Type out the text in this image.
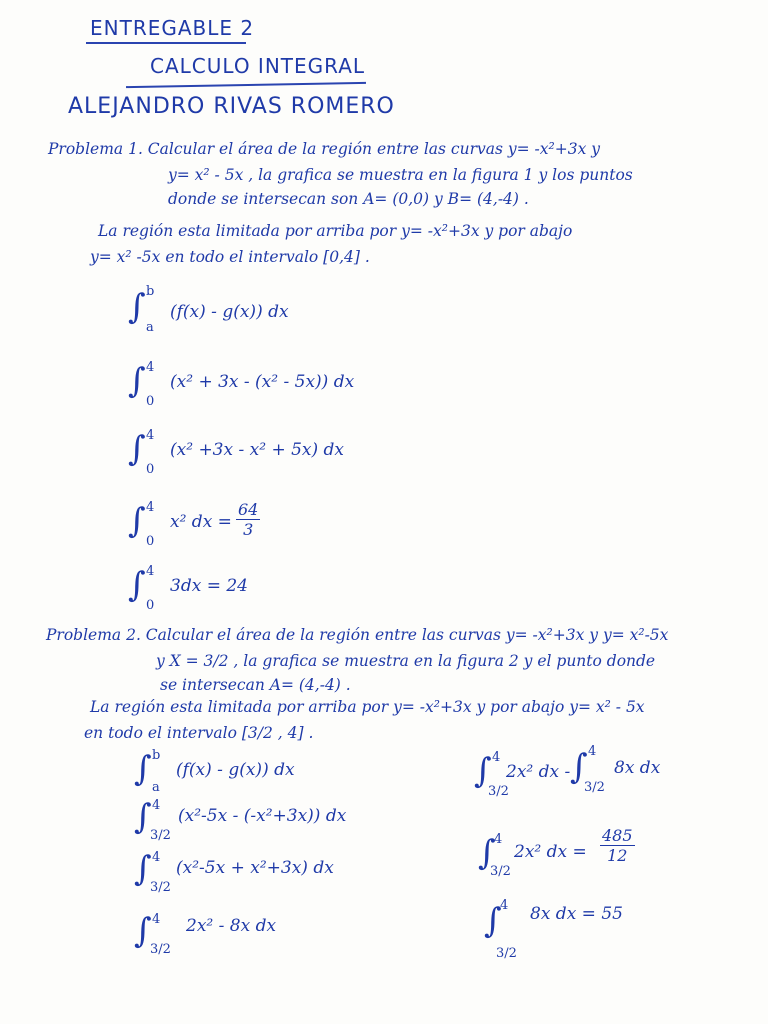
ENTREGABLE 2
CALCULO INTEGRAL
ALEJANDRO RIVAS ROMERO
Problema 1. Calcular el área de la región entre las curvas y= -x²+3x y
y= x² - 5x , la grafica se muestra en la figura 1 y los puntos
donde se intersecan son A= (0,0) y B= (4,-4) .
La región esta limitada por arriba por y= -x²+3x y por abajo
y= x² -5x en todo el intervalo [0,4] .
∫ b
a
(f(x) - g(x)) dx
∫ 4
0
(x² + 3x - (x² - 5x)) dx
∫ 4
0
(x² +3x - x² + 5x) dx
∫ 4
0
x² dx = $\frac{64}{3}$
∫ 4
0
3dx = 24
Problema 2. Calcular el área de la región entre las curvas y= -x²+3x y y= x²-5x
y X = 3/2 , la grafica se muestra en la figura 2 y el punto donde
se intersecan A= (4,-4) .
La región esta limitada por arriba por y= -x²+3x y por abajo y= x² - 5x
en todo el intervalo [3/2 , 4] .
∫ b
a
(f(x) - g(x)) dx
∫ 4
3/2
(x²-5x - (-x²+3x)) dx
∫ 4
3/2
(x²-5x + x²+3x) dx
∫ 4
3/2
2x² - 8x dx
∫ 4
3/2
2x² dx - ∫ 4
3/2
8x dx
∫
4
3/2
2x² dx = $\frac{485}{12}$
∫
4
3/2
8x dx = 55
